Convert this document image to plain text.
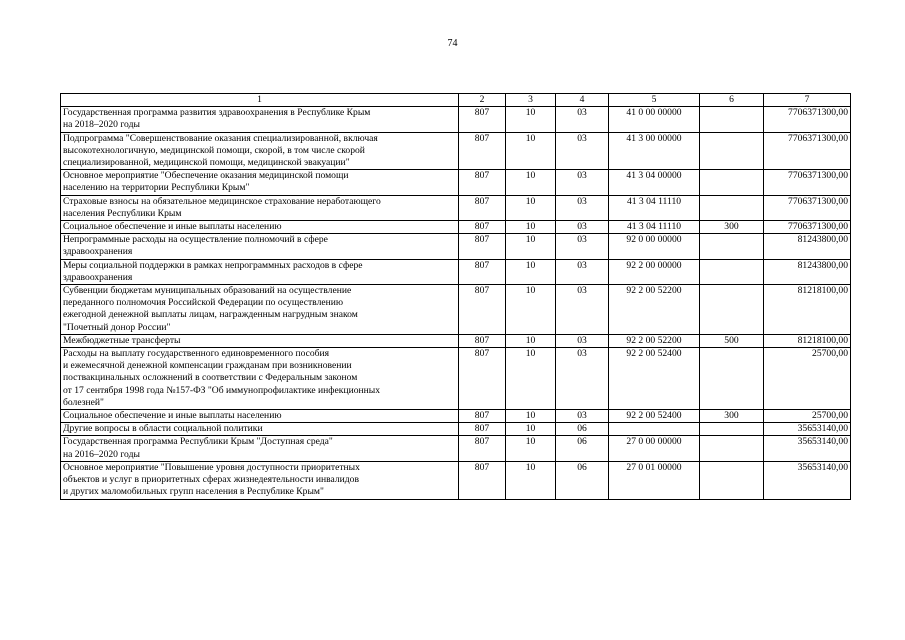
74
1	2	3	4	5	6	7
Государственная программа развития здравоохранения в Республике Крым
на 2018–2020 годы	807	10	03	41 0 00 00000		7706371300,00
Подпрограмма "Совершенствование оказания специализированной, включая
высокотехнологичную, медицинской помощи, скорой, в том числе скорой
специализированной, медицинской помощи, медицинской эвакуации"	807	10	03	41 3 00 00000		7706371300,00
Основное мероприятие "Обеспечение оказания медицинской помощи
населению на территории Республики Крым"	807	10	03	41 3 04 00000		7706371300,00
Страховые взносы на обязательное медицинское страхование неработающего
населения Республики Крым	807	10	03	41 3 04 11110		7706371300,00
Социальное обеспечение и иные выплаты населению	807	10	03	41 3 04 11110	300	7706371300,00
Непрограммные расходы на осуществление полномочий в сфере
здравоохранения	807	10	03	92 0 00 00000		81243800,00
Меры социальной поддержки в рамках непрограммных расходов в сфере
здравоохранения	807	10	03	92 2 00 00000		81243800,00
Субвенции бюджетам муниципальных образований на осуществление
переданного полномочия Российской Федерации по осуществлению
ежегодной денежной выплаты лицам, награжденным нагрудным знаком
"Почетный донор России"	807	10	03	92 2 00 52200		81218100,00
Межбюджетные трансферты	807	10	03	92 2 00 52200	500	81218100,00
Расходы на выплату государственного единовременного пособия
и ежемесячной денежной компенсации гражданам при возникновении
поствакцинальных осложнений в соответствии с Федеральным законом
от 17 сентября 1998 года №157-ФЗ "Об иммунопрофилактике инфекционных
болезней"	807	10	03	92 2 00 52400		25700,00
Социальное обеспечение и иные выплаты населению	807	10	03	92 2 00 52400	300	25700,00
Другие вопросы в области социальной политики	807	10	06			35653140,00
Государственная программа Республики Крым "Доступная среда"
на 2016–2020 годы	807	10	06	27 0 00 00000		35653140,00
Основное мероприятие "Повышение уровня доступности приоритетных
объектов и услуг в приоритетных сферах жизнедеятельности инвалидов
и других маломобильных групп населения в Республике Крым"	807	10	06	27 0 01 00000		35653140,00
